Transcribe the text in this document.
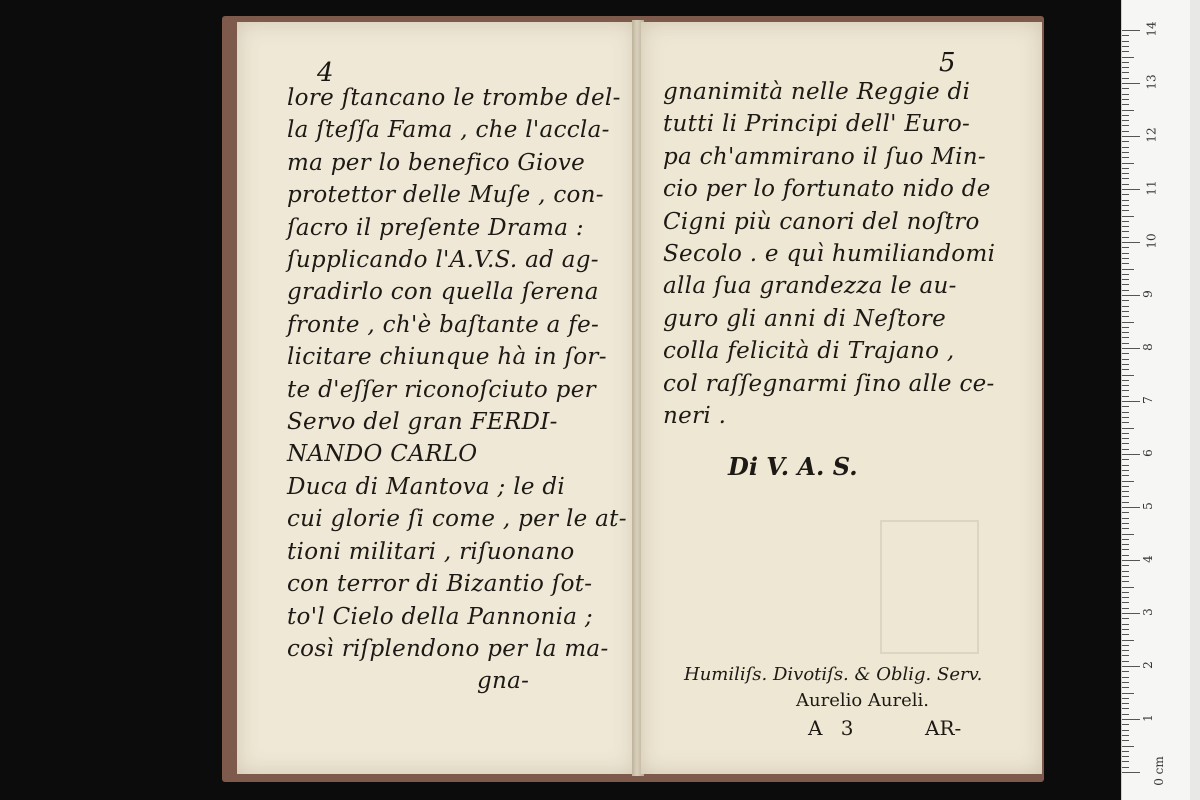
4
lore ſtancano le trombe del-
la ſteſſa Fama , che l'accla-
ma per lo benefico Giove
protettor delle Muſe , con-
ſacro il preſente Drama :
ſupplicando l'A.V.S. ad ag-
gradirlo con quella ſerena
fronte , ch'è baſtante a fe-
licitare chiunque hà in ſor-
te d'eſſer riconoſciuto per
Servo del gran FERDI-
NANDO CARLO
Duca di Mantova ; le di
cui glorie ſi come , per le at-
tioni militari , riſuonano
con terror di Bizantio ſot-
to'l Cielo della Pannonia ;
così riſplendono per la ma-
gna-
5
gnanimità nelle Reggie di
tutti li Principi dell' Euro-
pa ch'ammirano il ſuo Min-
cio per lo fortunato nido de
Cigni più canori del noſtro
Secolo . e quì humiliandomi
alla ſua grandezza le au-
guro gli anni di Neſtore
colla felicità di Trajano ,
col raſſegnarmi ſino alle ce-
neri .
Di V. A. S.
Humiliſs. Divotiſs. & Oblig. Serv.
Aurelio Aureli.
A 3	AR-
14
13
12
11
10
9
8
7
6
5
4
3
2
1
0 cm
